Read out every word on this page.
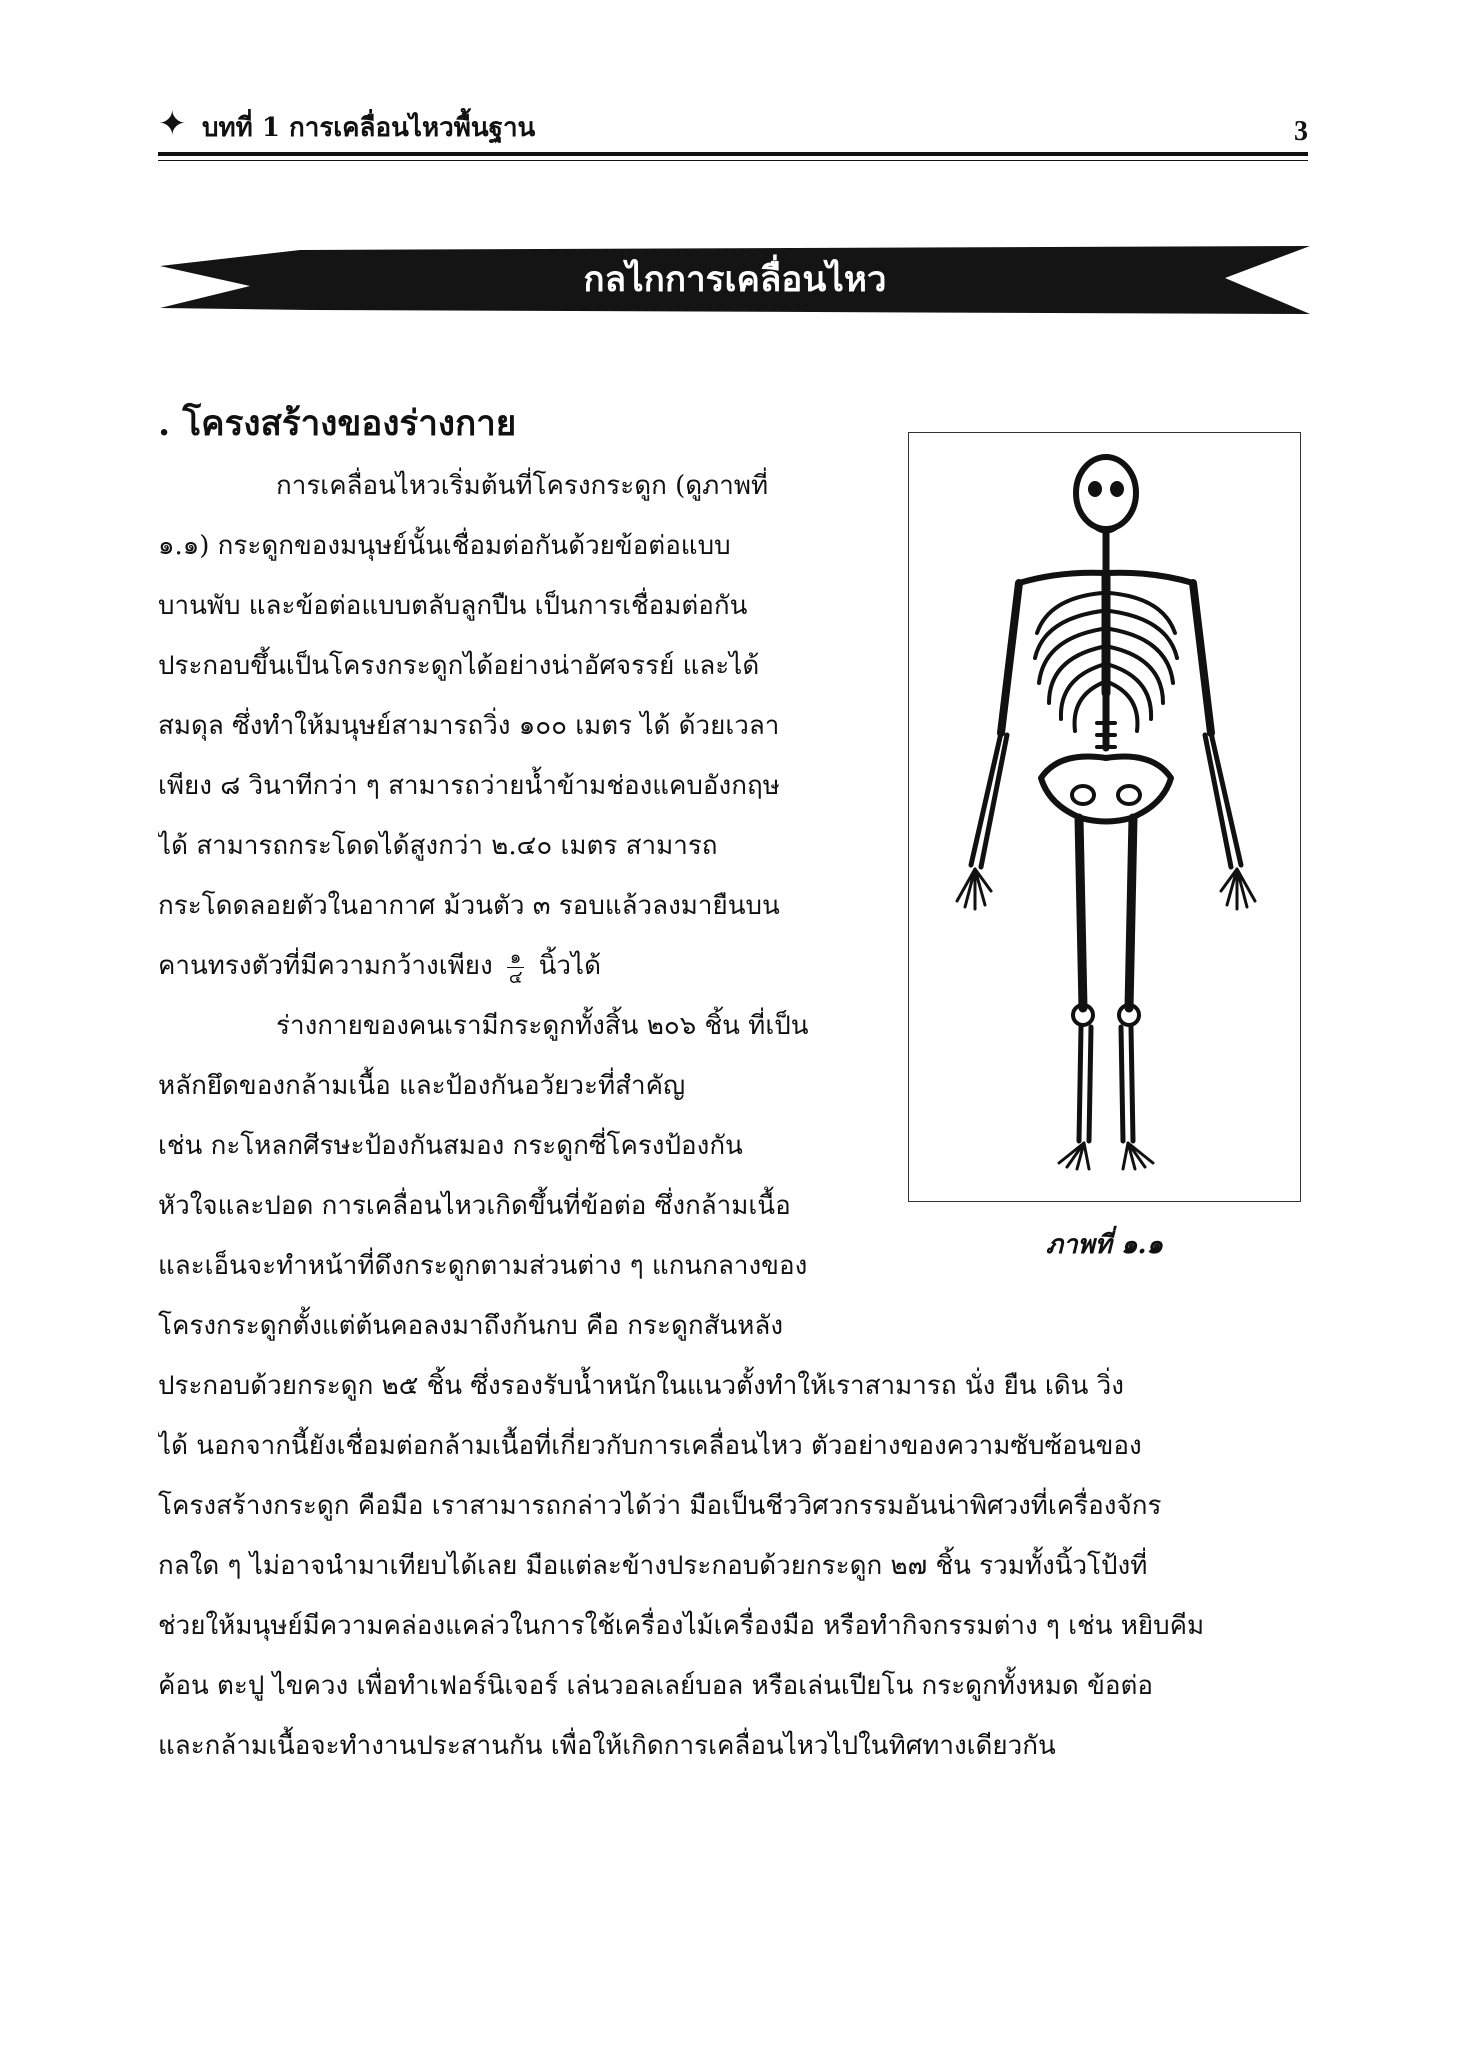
✦ บทที่ 1 การเคลื่อนไหวพื้นฐาน	3
กลไกการเคลื่อนไหว
. โครงสร้างของร่างกาย
ภาพที่ ๑.๑
การเคลื่อนไหวเริ่มต้นที่โครงกระดูก (ดูภาพที่
๑.๑) กระดูกของมนุษย์นั้นเชื่อมต่อกันด้วยข้อต่อแบบ
บานพับ และข้อต่อแบบตลับลูกปืน เป็นการเชื่อมต่อกัน
ประกอบขึ้นเป็นโครงกระดูกได้อย่างน่าอัศจรรย์ และได้
สมดุล ซึ่งทำให้มนุษย์สามารถวิ่ง ๑๐๐ เมตร ได้ ด้วยเวลา
เพียง ๘ วินาทีกว่า ๆ สามารถว่ายน้ำข้ามช่องแคบอังกฤษ
ได้ สามารถกระโดดได้สูงกว่า ๒.๔๐ เมตร สามารถ
กระโดดลอยตัวในอากาศ ม้วนตัว ๓ รอบแล้วลงมายืนบน
คานทรงตัวที่มีความกว้างเพียง $\frac{๑}{๔}$ นิ้วได้
ร่างกายของคนเรามีกระดูกทั้งสิ้น ๒๐๖ ชิ้น ที่เป็น
หลักยึดของกล้ามเนื้อ และป้องกันอวัยวะที่สำคัญ
เช่น กะโหลกศีรษะป้องกันสมอง กระดูกซี่โครงป้องกัน
หัวใจและปอด การเคลื่อนไหวเกิดขึ้นที่ข้อต่อ ซึ่งกล้ามเนื้อ
และเอ็นจะทำหน้าที่ดึงกระดูกตามส่วนต่าง ๆ แกนกลางของ
โครงกระดูกตั้งแต่ต้นคอลงมาถึงก้นกบ คือ กระดูกสันหลัง
ประกอบด้วยกระดูก ๒๕ ชิ้น ซึ่งรองรับน้ำหนักในแนวตั้งทำให้เราสามารถ นั่ง ยืน เดิน วิ่ง
ได้ นอกจากนี้ยังเชื่อมต่อกล้ามเนื้อที่เกี่ยวกับการเคลื่อนไหว ตัวอย่างของความซับซ้อนของ
โครงสร้างกระดูก คือมือ เราสามารถกล่าวได้ว่า มือเป็นชีววิศวกรรมอันน่าพิศวงที่เครื่องจักร
กลใด ๆ ไม่อาจนำมาเทียบได้เลย มือแต่ละข้างประกอบด้วยกระดูก ๒๗ ชิ้น รวมทั้งนิ้วโป้งที่
ช่วยให้มนุษย์มีความคล่องแคล่วในการใช้เครื่องไม้เครื่องมือ หรือทำกิจกรรมต่าง ๆ เช่น หยิบคีม
ค้อน ตะปู ไขควง เพื่อทำเฟอร์นิเจอร์ เล่นวอลเลย์บอล หรือเล่นเปียโน กระดูกทั้งหมด ข้อต่อ
และกล้ามเนื้อจะทำงานประสานกัน เพื่อให้เกิดการเคลื่อนไหวไปในทิศทางเดียวกัน
